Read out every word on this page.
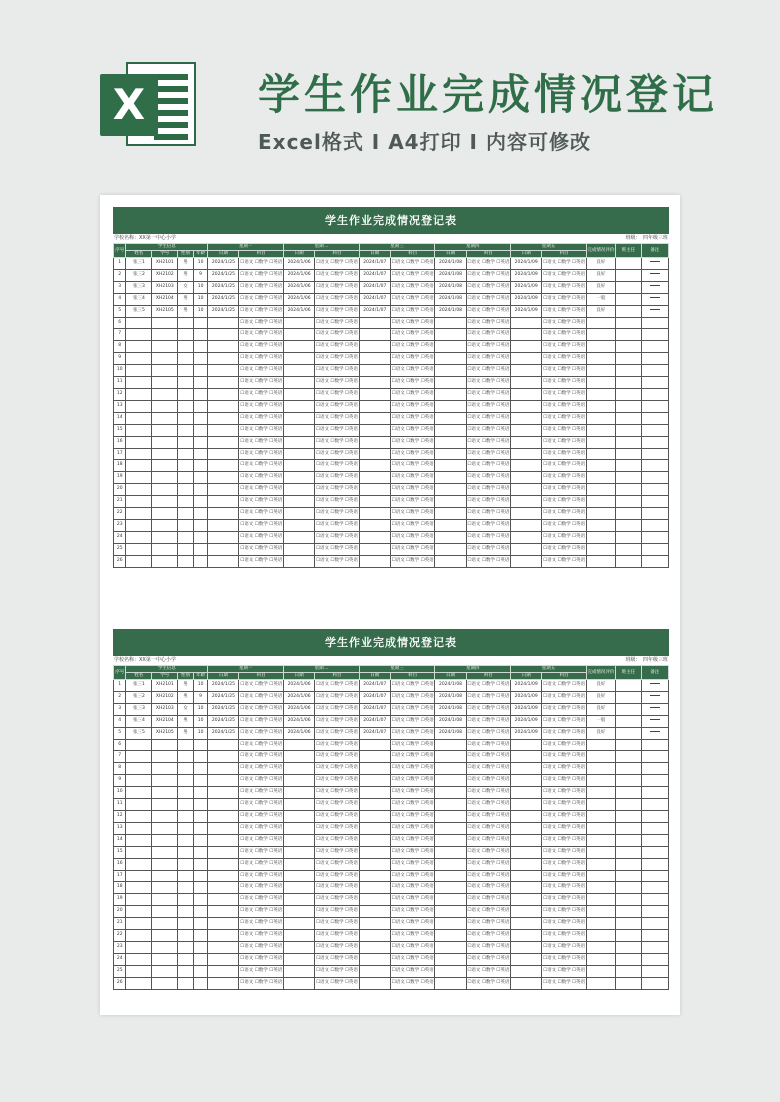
X	学生作业完成情况登记
Excel格式 I A4打印 I 内容可修改
学生作业完成情况登记表
学校名称：XX第一中心小学	班级：　四年级三班
序号	学生信息				星期一		星期二		星期三		星期四		星期五		完成情况评价	班主任	备注
	姓名	学号	性别	年龄	日期	科目	日期	科目	日期	科目	日期	科目	日期	科目			
1	张三1	XH2101	男	10	2024/1/25	☐语文 ☐数学 ☐英语	2024/1/06	☐语文 ☐数学 ☐英语	2024/1/07	☐语文 ☐数学 ☐英语	2024/1/08	☐语文 ☐数学 ☐英语	2024/1/09	☐语文 ☐数学 ☐英语	良好		
2	张三2	XH2102	男	9	2024/1/25	☐语文 ☐数学 ☐英语	2024/1/06	☐语文 ☐数学 ☐英语	2024/1/07	☐语文 ☐数学 ☐英语	2024/1/08	☐语文 ☐数学 ☐英语	2024/1/09	☐语文 ☐数学 ☐英语	良好		
3	张三3	XH2103	女	10	2024/1/25	☐语文 ☐数学 ☐英语	2024/1/06	☐语文 ☐数学 ☐英语	2024/1/07	☐语文 ☐数学 ☐英语	2024/1/08	☐语文 ☐数学 ☐英语	2024/1/09	☐语文 ☐数学 ☐英语	良好		
4	张三4	XH2104	男	10	2024/1/25	☐语文 ☐数学 ☐英语	2024/1/06	☐语文 ☐数学 ☐英语	2024/1/07	☐语文 ☐数学 ☐英语	2024/1/08	☐语文 ☐数学 ☐英语	2024/1/09	☐语文 ☐数学 ☐英语	一般		
5	张三5	XH2105	男	10	2024/1/25	☐语文 ☐数学 ☐英语	2024/1/06	☐语文 ☐数学 ☐英语	2024/1/07	☐语文 ☐数学 ☐英语	2024/1/08	☐语文 ☐数学 ☐英语	2024/1/09	☐语文 ☐数学 ☐英语	良好		
6						☐语文 ☐数学 ☐英语		☐语文 ☐数学 ☐英语		☐语文 ☐数学 ☐英语		☐语文 ☐数学 ☐英语		☐语文 ☐数学 ☐英语			
7						☐语文 ☐数学 ☐英语		☐语文 ☐数学 ☐英语		☐语文 ☐数学 ☐英语		☐语文 ☐数学 ☐英语		☐语文 ☐数学 ☐英语			
8						☐语文 ☐数学 ☐英语		☐语文 ☐数学 ☐英语		☐语文 ☐数学 ☐英语		☐语文 ☐数学 ☐英语		☐语文 ☐数学 ☐英语			
9						☐语文 ☐数学 ☐英语		☐语文 ☐数学 ☐英语		☐语文 ☐数学 ☐英语		☐语文 ☐数学 ☐英语		☐语文 ☐数学 ☐英语			
10						☐语文 ☐数学 ☐英语		☐语文 ☐数学 ☐英语		☐语文 ☐数学 ☐英语		☐语文 ☐数学 ☐英语		☐语文 ☐数学 ☐英语			
11						☐语文 ☐数学 ☐英语		☐语文 ☐数学 ☐英语		☐语文 ☐数学 ☐英语		☐语文 ☐数学 ☐英语		☐语文 ☐数学 ☐英语			
12						☐语文 ☐数学 ☐英语		☐语文 ☐数学 ☐英语		☐语文 ☐数学 ☐英语		☐语文 ☐数学 ☐英语		☐语文 ☐数学 ☐英语			
13						☐语文 ☐数学 ☐英语		☐语文 ☐数学 ☐英语		☐语文 ☐数学 ☐英语		☐语文 ☐数学 ☐英语		☐语文 ☐数学 ☐英语			
14						☐语文 ☐数学 ☐英语		☐语文 ☐数学 ☐英语		☐语文 ☐数学 ☐英语		☐语文 ☐数学 ☐英语		☐语文 ☐数学 ☐英语			
15						☐语文 ☐数学 ☐英语		☐语文 ☐数学 ☐英语		☐语文 ☐数学 ☐英语		☐语文 ☐数学 ☐英语		☐语文 ☐数学 ☐英语			
16						☐语文 ☐数学 ☐英语		☐语文 ☐数学 ☐英语		☐语文 ☐数学 ☐英语		☐语文 ☐数学 ☐英语		☐语文 ☐数学 ☐英语			
17						☐语文 ☐数学 ☐英语		☐语文 ☐数学 ☐英语		☐语文 ☐数学 ☐英语		☐语文 ☐数学 ☐英语		☐语文 ☐数学 ☐英语			
18						☐语文 ☐数学 ☐英语		☐语文 ☐数学 ☐英语		☐语文 ☐数学 ☐英语		☐语文 ☐数学 ☐英语		☐语文 ☐数学 ☐英语			
19						☐语文 ☐数学 ☐英语		☐语文 ☐数学 ☐英语		☐语文 ☐数学 ☐英语		☐语文 ☐数学 ☐英语		☐语文 ☐数学 ☐英语			
20						☐语文 ☐数学 ☐英语		☐语文 ☐数学 ☐英语		☐语文 ☐数学 ☐英语		☐语文 ☐数学 ☐英语		☐语文 ☐数学 ☐英语			
21						☐语文 ☐数学 ☐英语		☐语文 ☐数学 ☐英语		☐语文 ☐数学 ☐英语		☐语文 ☐数学 ☐英语		☐语文 ☐数学 ☐英语			
22						☐语文 ☐数学 ☐英语		☐语文 ☐数学 ☐英语		☐语文 ☐数学 ☐英语		☐语文 ☐数学 ☐英语		☐语文 ☐数学 ☐英语			
23						☐语文 ☐数学 ☐英语		☐语文 ☐数学 ☐英语		☐语文 ☐数学 ☐英语		☐语文 ☐数学 ☐英语		☐语文 ☐数学 ☐英语			
24						☐语文 ☐数学 ☐英语		☐语文 ☐数学 ☐英语		☐语文 ☐数学 ☐英语		☐语文 ☐数学 ☐英语		☐语文 ☐数学 ☐英语			
25						☐语文 ☐数学 ☐英语		☐语文 ☐数学 ☐英语		☐语文 ☐数学 ☐英语		☐语文 ☐数学 ☐英语		☐语文 ☐数学 ☐英语			
26						☐语文 ☐数学 ☐英语		☐语文 ☐数学 ☐英语		☐语文 ☐数学 ☐英语		☐语文 ☐数学 ☐英语		☐语文 ☐数学 ☐英语			
学生作业完成情况登记表
学校名称：XX第一中心小学	班级：　四年级三班
序号	学生信息				星期一		星期二		星期三		星期四		星期五		完成情况评价	班主任	备注
	姓名	学号	性别	年龄	日期	科目	日期	科目	日期	科目	日期	科目	日期	科目			
1	张三1	XH2101	男	10	2024/1/25	☐语文 ☐数学 ☐英语	2024/1/06	☐语文 ☐数学 ☐英语	2024/1/07	☐语文 ☐数学 ☐英语	2024/1/08	☐语文 ☐数学 ☐英语	2024/1/09	☐语文 ☐数学 ☐英语	良好		
2	张三2	XH2102	男	9	2024/1/25	☐语文 ☐数学 ☐英语	2024/1/06	☐语文 ☐数学 ☐英语	2024/1/07	☐语文 ☐数学 ☐英语	2024/1/08	☐语文 ☐数学 ☐英语	2024/1/09	☐语文 ☐数学 ☐英语	良好		
3	张三3	XH2103	女	10	2024/1/25	☐语文 ☐数学 ☐英语	2024/1/06	☐语文 ☐数学 ☐英语	2024/1/07	☐语文 ☐数学 ☐英语	2024/1/08	☐语文 ☐数学 ☐英语	2024/1/09	☐语文 ☐数学 ☐英语	良好		
4	张三4	XH2104	男	10	2024/1/25	☐语文 ☐数学 ☐英语	2024/1/06	☐语文 ☐数学 ☐英语	2024/1/07	☐语文 ☐数学 ☐英语	2024/1/08	☐语文 ☐数学 ☐英语	2024/1/09	☐语文 ☐数学 ☐英语	一般		
5	张三5	XH2105	男	10	2024/1/25	☐语文 ☐数学 ☐英语	2024/1/06	☐语文 ☐数学 ☐英语	2024/1/07	☐语文 ☐数学 ☐英语	2024/1/08	☐语文 ☐数学 ☐英语	2024/1/09	☐语文 ☐数学 ☐英语	良好		
6						☐语文 ☐数学 ☐英语		☐语文 ☐数学 ☐英语		☐语文 ☐数学 ☐英语		☐语文 ☐数学 ☐英语		☐语文 ☐数学 ☐英语			
7						☐语文 ☐数学 ☐英语		☐语文 ☐数学 ☐英语		☐语文 ☐数学 ☐英语		☐语文 ☐数学 ☐英语		☐语文 ☐数学 ☐英语			
8						☐语文 ☐数学 ☐英语		☐语文 ☐数学 ☐英语		☐语文 ☐数学 ☐英语		☐语文 ☐数学 ☐英语		☐语文 ☐数学 ☐英语			
9						☐语文 ☐数学 ☐英语		☐语文 ☐数学 ☐英语		☐语文 ☐数学 ☐英语		☐语文 ☐数学 ☐英语		☐语文 ☐数学 ☐英语			
10						☐语文 ☐数学 ☐英语		☐语文 ☐数学 ☐英语		☐语文 ☐数学 ☐英语		☐语文 ☐数学 ☐英语		☐语文 ☐数学 ☐英语			
11						☐语文 ☐数学 ☐英语		☐语文 ☐数学 ☐英语		☐语文 ☐数学 ☐英语		☐语文 ☐数学 ☐英语		☐语文 ☐数学 ☐英语			
12						☐语文 ☐数学 ☐英语		☐语文 ☐数学 ☐英语		☐语文 ☐数学 ☐英语		☐语文 ☐数学 ☐英语		☐语文 ☐数学 ☐英语			
13						☐语文 ☐数学 ☐英语		☐语文 ☐数学 ☐英语		☐语文 ☐数学 ☐英语		☐语文 ☐数学 ☐英语		☐语文 ☐数学 ☐英语			
14						☐语文 ☐数学 ☐英语		☐语文 ☐数学 ☐英语		☐语文 ☐数学 ☐英语		☐语文 ☐数学 ☐英语		☐语文 ☐数学 ☐英语			
15						☐语文 ☐数学 ☐英语		☐语文 ☐数学 ☐英语		☐语文 ☐数学 ☐英语		☐语文 ☐数学 ☐英语		☐语文 ☐数学 ☐英语			
16						☐语文 ☐数学 ☐英语		☐语文 ☐数学 ☐英语		☐语文 ☐数学 ☐英语		☐语文 ☐数学 ☐英语		☐语文 ☐数学 ☐英语			
17						☐语文 ☐数学 ☐英语		☐语文 ☐数学 ☐英语		☐语文 ☐数学 ☐英语		☐语文 ☐数学 ☐英语		☐语文 ☐数学 ☐英语			
18						☐语文 ☐数学 ☐英语		☐语文 ☐数学 ☐英语		☐语文 ☐数学 ☐英语		☐语文 ☐数学 ☐英语		☐语文 ☐数学 ☐英语			
19						☐语文 ☐数学 ☐英语		☐语文 ☐数学 ☐英语		☐语文 ☐数学 ☐英语		☐语文 ☐数学 ☐英语		☐语文 ☐数学 ☐英语			
20						☐语文 ☐数学 ☐英语		☐语文 ☐数学 ☐英语		☐语文 ☐数学 ☐英语		☐语文 ☐数学 ☐英语		☐语文 ☐数学 ☐英语			
21						☐语文 ☐数学 ☐英语		☐语文 ☐数学 ☐英语		☐语文 ☐数学 ☐英语		☐语文 ☐数学 ☐英语		☐语文 ☐数学 ☐英语			
22						☐语文 ☐数学 ☐英语		☐语文 ☐数学 ☐英语		☐语文 ☐数学 ☐英语		☐语文 ☐数学 ☐英语		☐语文 ☐数学 ☐英语			
23						☐语文 ☐数学 ☐英语		☐语文 ☐数学 ☐英语		☐语文 ☐数学 ☐英语		☐语文 ☐数学 ☐英语		☐语文 ☐数学 ☐英语			
24						☐语文 ☐数学 ☐英语		☐语文 ☐数学 ☐英语		☐语文 ☐数学 ☐英语		☐语文 ☐数学 ☐英语		☐语文 ☐数学 ☐英语			
25						☐语文 ☐数学 ☐英语		☐语文 ☐数学 ☐英语		☐语文 ☐数学 ☐英语		☐语文 ☐数学 ☐英语		☐语文 ☐数学 ☐英语			
26						☐语文 ☐数学 ☐英语		☐语文 ☐数学 ☐英语		☐语文 ☐数学 ☐英语		☐语文 ☐数学 ☐英语		☐语文 ☐数学 ☐英语			
